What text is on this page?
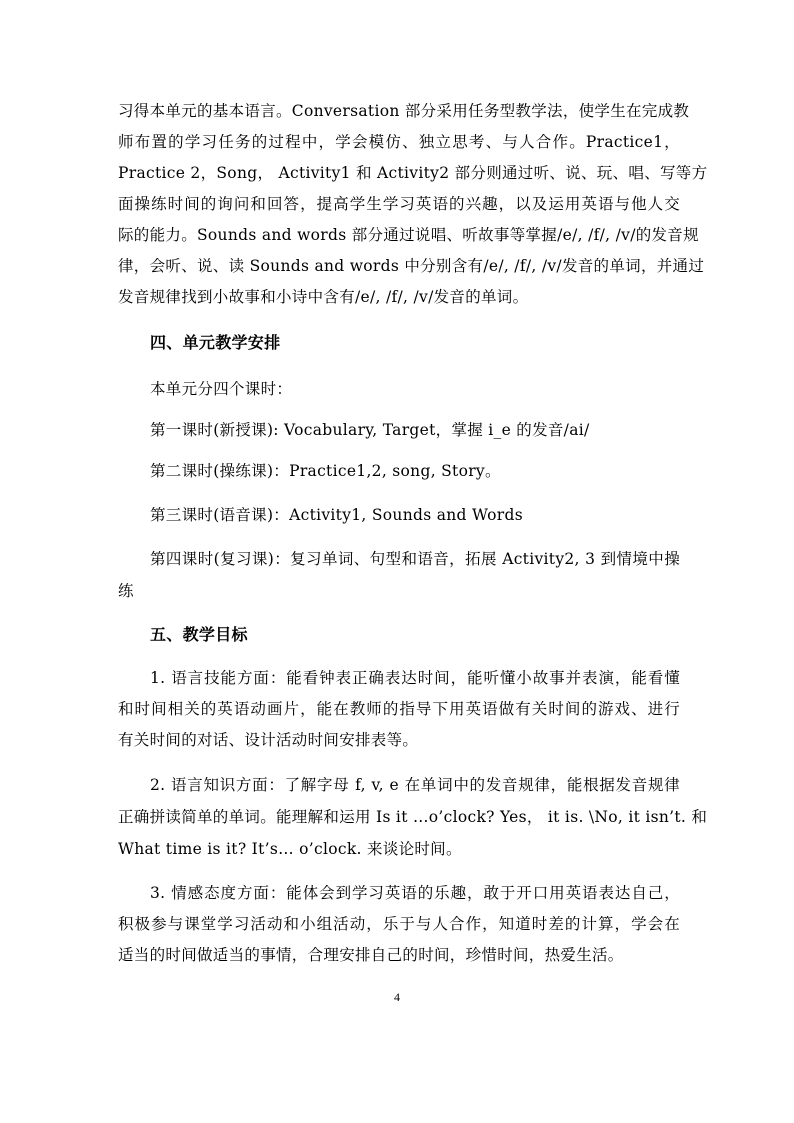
习得本单元的基本语言。Conversation 部分采用任务型教学法，使学生在完成教
师布置的学习任务的过程中，学会模仿、独立思考、与人合作。Practice1，
Practice 2，Song， Activity1 和 Activity2 部分则通过听、说、玩、唱、写等方
面操练时间的询问和回答，提高学生学习英语的兴趣，以及运用英语与他人交
际的能力。Sounds and words 部分通过说唱、听故事等掌握/e/, /f/, /v/的发音规
律，会听、说、读 Sounds and words 中分别含有/e/, /f/, /v/发音的单词，并通过
发音规律找到小故事和小诗中含有/e/, /f/, /v/发音的单词。
四、单元教学安排
本单元分四个课时：
第一课时(新授课): Vocabulary, Target，掌握 i_e 的发音/ai/
第二课时(操练课)：Practice1,2, song, Story。
第三课时(语音课)：Activity1, Sounds and Words
第四课时(复习课)：复习单词、句型和语音，拓展 Activity2, 3 到情境中操
练
五、教学目标
1. 语言技能方面：能看钟表正确表达时间，能听懂小故事并表演，能看懂
和时间相关的英语动画片，能在教师的指导下用英语做有关时间的游戏、进行
有关时间的对话、设计活动时间安排表等。
2. 语言知识方面：了解字母 f, v, e 在单词中的发音规律，能根据发音规律
正确拼读简单的单词。能理解和运用 Is it …o’clock? Yes， it is. \No, it isn’t. 和
What time is it? It’s… o’clock. 来谈论时间。
3. 情感态度方面：能体会到学习英语的乐趣，敢于开口用英语表达自己，
积极参与课堂学习活动和小组活动，乐于与人合作，知道时差的计算，学会在
适当的时间做适当的事情，合理安排自己的时间，珍惜时间，热爱生活。
4
